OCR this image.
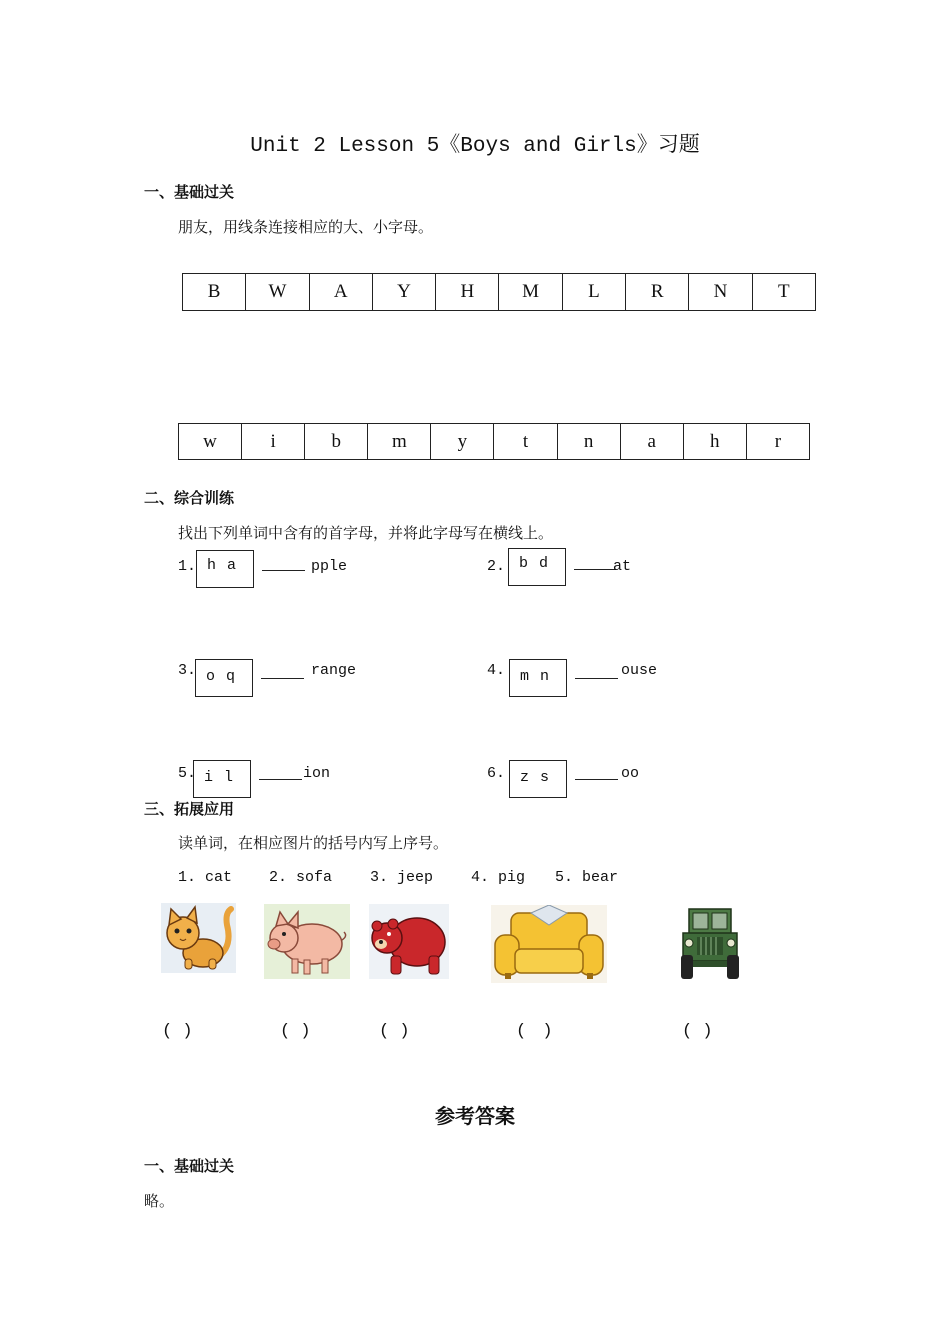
Unit 2 Lesson 5《Boys and Girls》习题
一、基础过关
朋友，用线条连接相应的大、小字母。
B	W	A	Y	H	M	L	R	N	T
w	i	b	m	y	t	n	a	h	r
二、综合训练
找出下列单词中含有的首字母，并将此字母写在横线上。
1. h a	pple	2. b d	at
3. o q	range	4. m n	ouse
5. i l	ion	6. z s	oo
三、拓展应用
读单词，在相应图片的括号内写上序号。
1. cat 2. sofa	3. jeep	4. pig 5. bear
( )	( )	( )	( )	( )
参考答案
一、基础过关
略。
